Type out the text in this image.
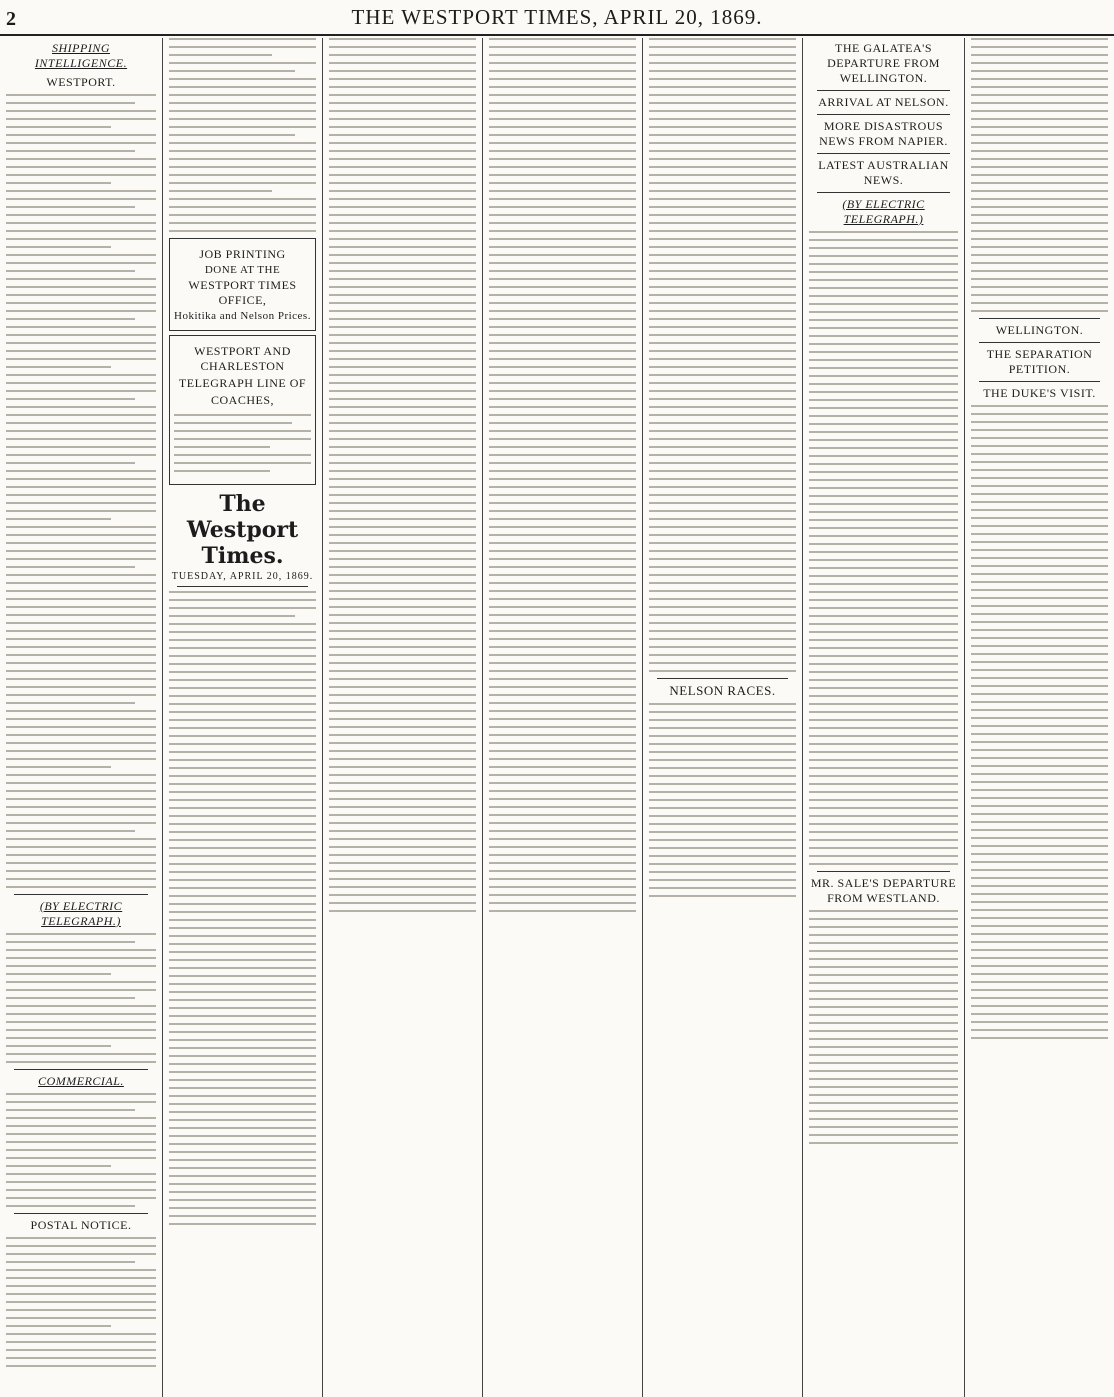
2	THE WESTPORT TIMES, APRIL 20, 1869.
SHIPPING INTELLIGENCE.
WESTPORT.
(BY ELECTRIC TELEGRAPH.)
COMMERCIAL.
POSTAL NOTICE.
JOB PRINTING
DONE AT THE
WESTPORT TIMES OFFICE,
Hokitika and Nelson Prices.
WESTPORT AND CHARLESTON
TELEGRAPH LINE OF
COACHES,
The Westport Times.
TUESDAY, APRIL 20, 1869.
NELSON RACES.
THE GALATEA'S DEPARTURE FROM WELLINGTON.
ARRIVAL AT NELSON.
MORE DISASTROUS NEWS FROM NAPIER.
LATEST AUSTRALIAN NEWS.
(BY ELECTRIC TELEGRAPH.)
MR. SALE'S DEPARTURE FROM WESTLAND.
WELLINGTON.
THE SEPARATION PETITION.
THE DUKE'S VISIT.
